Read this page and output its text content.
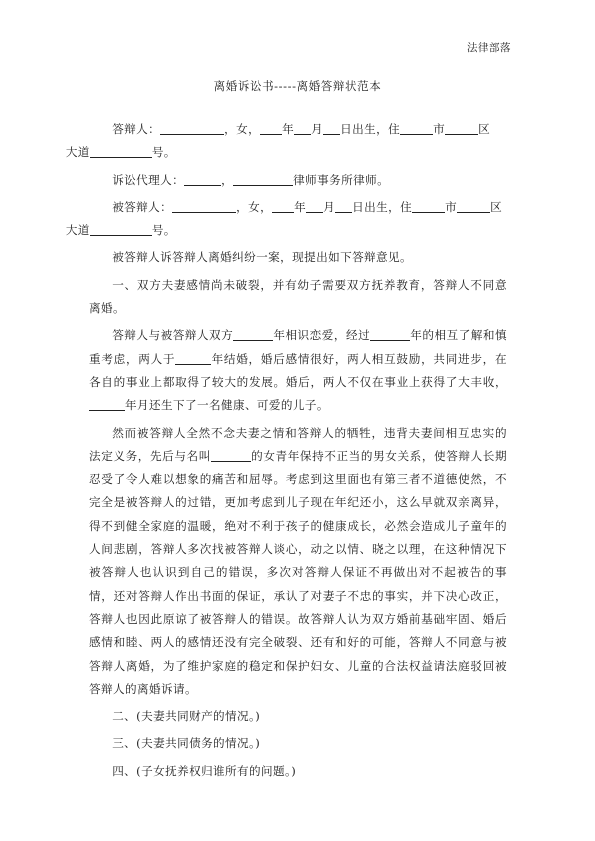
法律部落
离婚诉讼书-----离婚答辩状范本

答辩人：	，女， 年 月 日出生，住	市	区
大道	号。

诉讼代理人：	，	律师事务所律师。

被答辩人：	，女， 年 月 日出生，住	市	区
大道	号。

被答辩人诉答辩人离婚纠纷一案，现提出如下答辩意见。

一、双方夫妻感情尚未破裂，并有幼子需要双方抚养教育，答辩人不同意离婚。

答辩人与被答辩人双方	年相识恋爱，经过	年的相互了解和慎重考虑，两人于	年结婚，婚后感情很好，两人相互鼓励，共同进步，在各自的事业上都取得了较大的发展。婚后，两人不仅在事业上获得了大丰收，年月还生下了一名健康、可爱的儿子。

然而被答辩人全然不念夫妻之情和答辩人的牺牲，违背夫妻间相互忠实的法定义务，先后与名叫	的女青年保持不正当的男女关系，使答辩人长期忍受了令人难以想象的痛苦和屈辱。考虑到这里面也有第三者不道德使然，不完全是被答辩人的过错，更加考虑到儿子现在年纪还小，这么早就双亲离异，得不到健全家庭的温暖，绝对不利于孩子的健康成长，必然会造成儿子童年的人间悲剧，答辩人多次找被答辩人谈心，动之以情、晓之以理，在这种情况下被答辩人也认识到自己的错误，多次对答辩人保证不再做出对不起被告的事情，还对答辩人作出书面的保证，承认了对妻子不忠的事实，并下决心改正，答辩人也因此原谅了被答辩人的错误。故答辩人认为双方婚前基础牢固、婚后感情和睦、两人的感情还没有完全破裂、还有和好的可能，答辩人不同意与被答辩人离婚，为了维护家庭的稳定和保护妇女、儿童的合法权益请法庭驳回被答辩人的离婚诉请。

二、(夫妻共同财产的情况。)

三、(夫妻共同债务的情况。)

四、(子女抚养权归谁所有的问题。)
